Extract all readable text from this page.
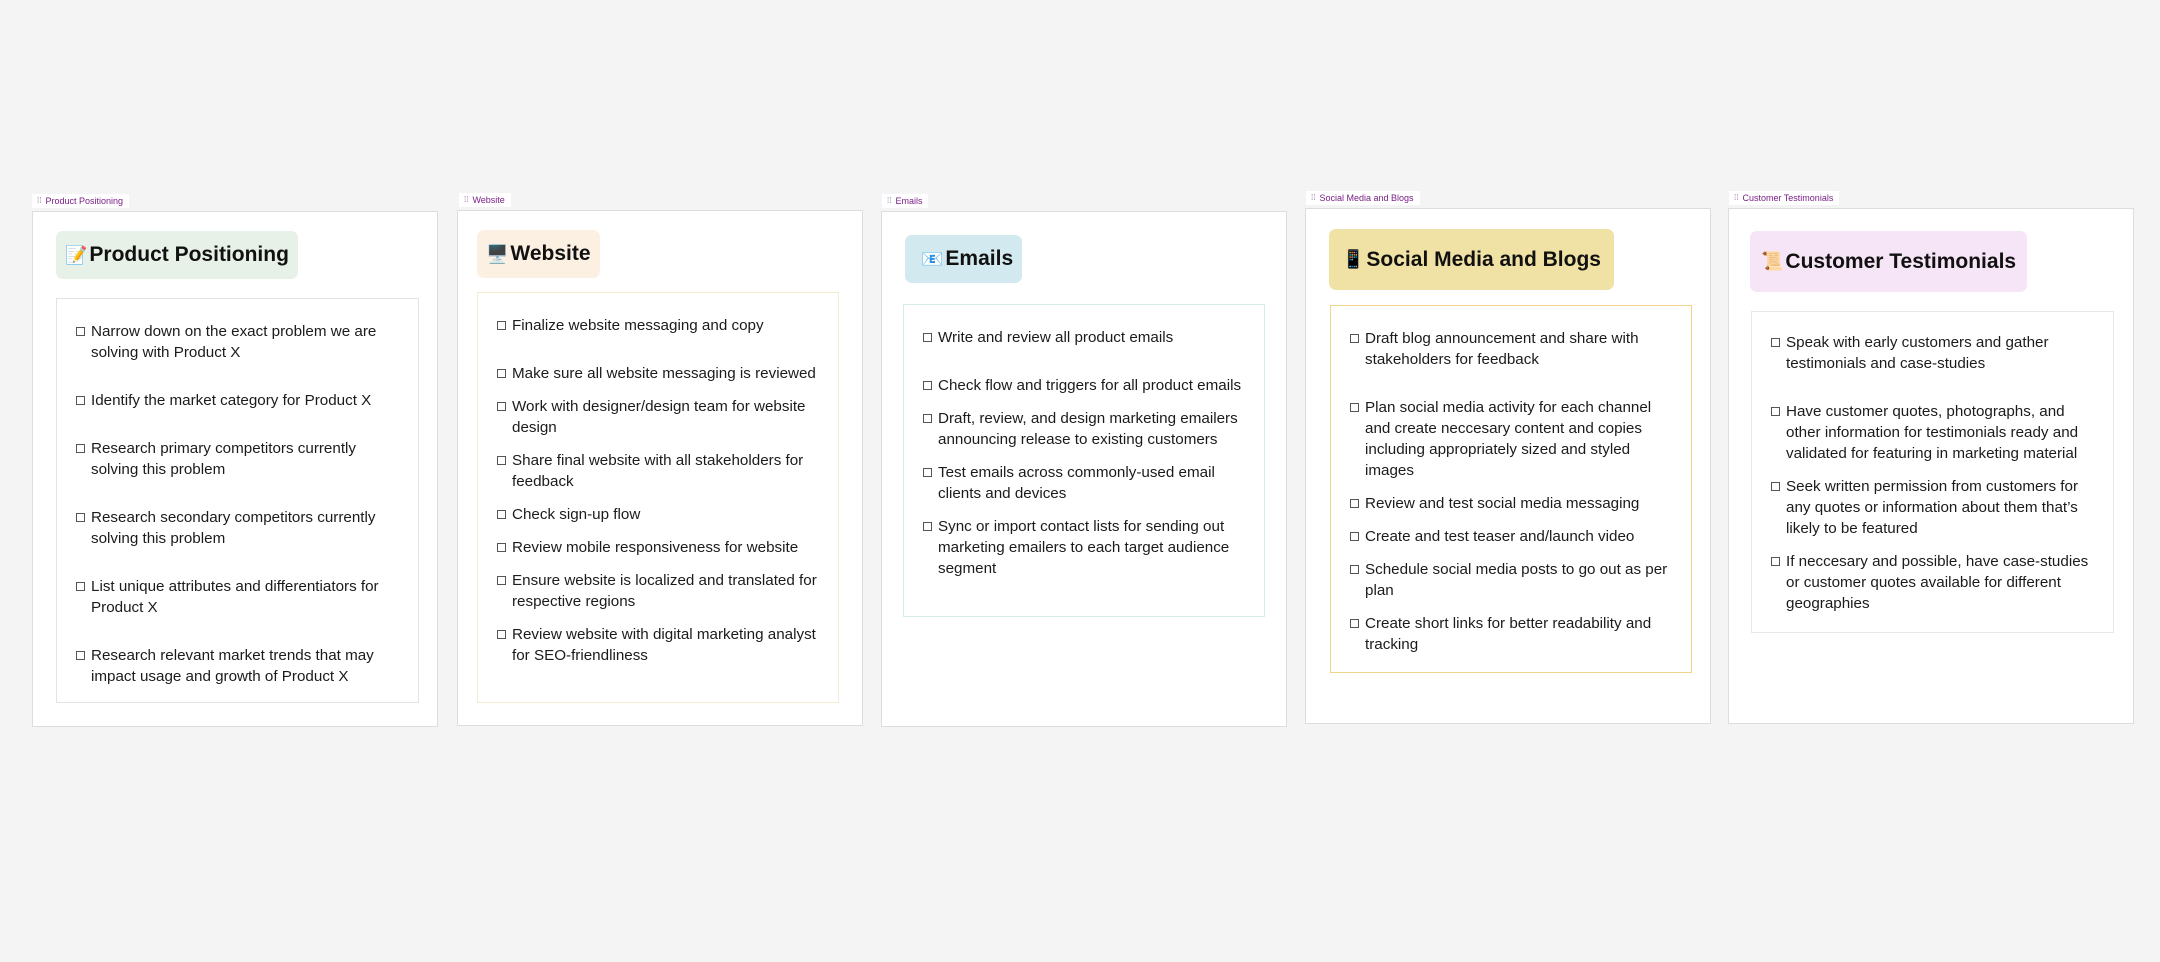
⁞⁞ Product Positioning
📝 Product Positioning
Narrow down on the exact problem we are solving with Product X
Identify the market category for Product X
Research primary competitors currently solving this problem
Research secondary competitors currently solving this problem
List unique attributes and differentiators for Product X
Research relevant market trends that may impact usage and growth of Product X
⁞⁞ Website
🖥️ Website
Finalize website messaging and copy
Make sure all website messaging is reviewed
Work with designer/design team for website design
Share final website with all stakeholders for feedback
Check sign-up flow
Review mobile responsiveness for website
Ensure website is localized and translated for respective regions
Review website with digital marketing analyst for SEO-friendliness
⁞⁞ Emails
📧 Emails
Write and review all product emails
Check flow and triggers for all product emails
Draft, review, and design marketing emailers announcing release to existing customers
Test emails across commonly-used email clients and devices
Sync or import contact lists for sending out marketing emailers to each target audience segment
⁞⁞ Social Media and Blogs
📱 Social Media and Blogs
Draft blog announcement and share with stakeholders for feedback
Plan social media activity for each channel and create neccesary content and copies including appropriately sized and styled images
Review and test social media messaging
Create and test teaser and/launch video
Schedule social media posts to go out as per plan
Create short links for better readability and tracking
⁞⁞ Customer Testimonials
📜 Customer Testimonials
Speak with early customers and gather testimonials and case-studies
Have customer quotes, photographs, and other information for testimonials ready and validated for featuring in marketing material
Seek written permission from customers for any quotes or information about them that’s likely to be featured
If neccesary and possible, have case-studies or customer quotes available for different geographies
